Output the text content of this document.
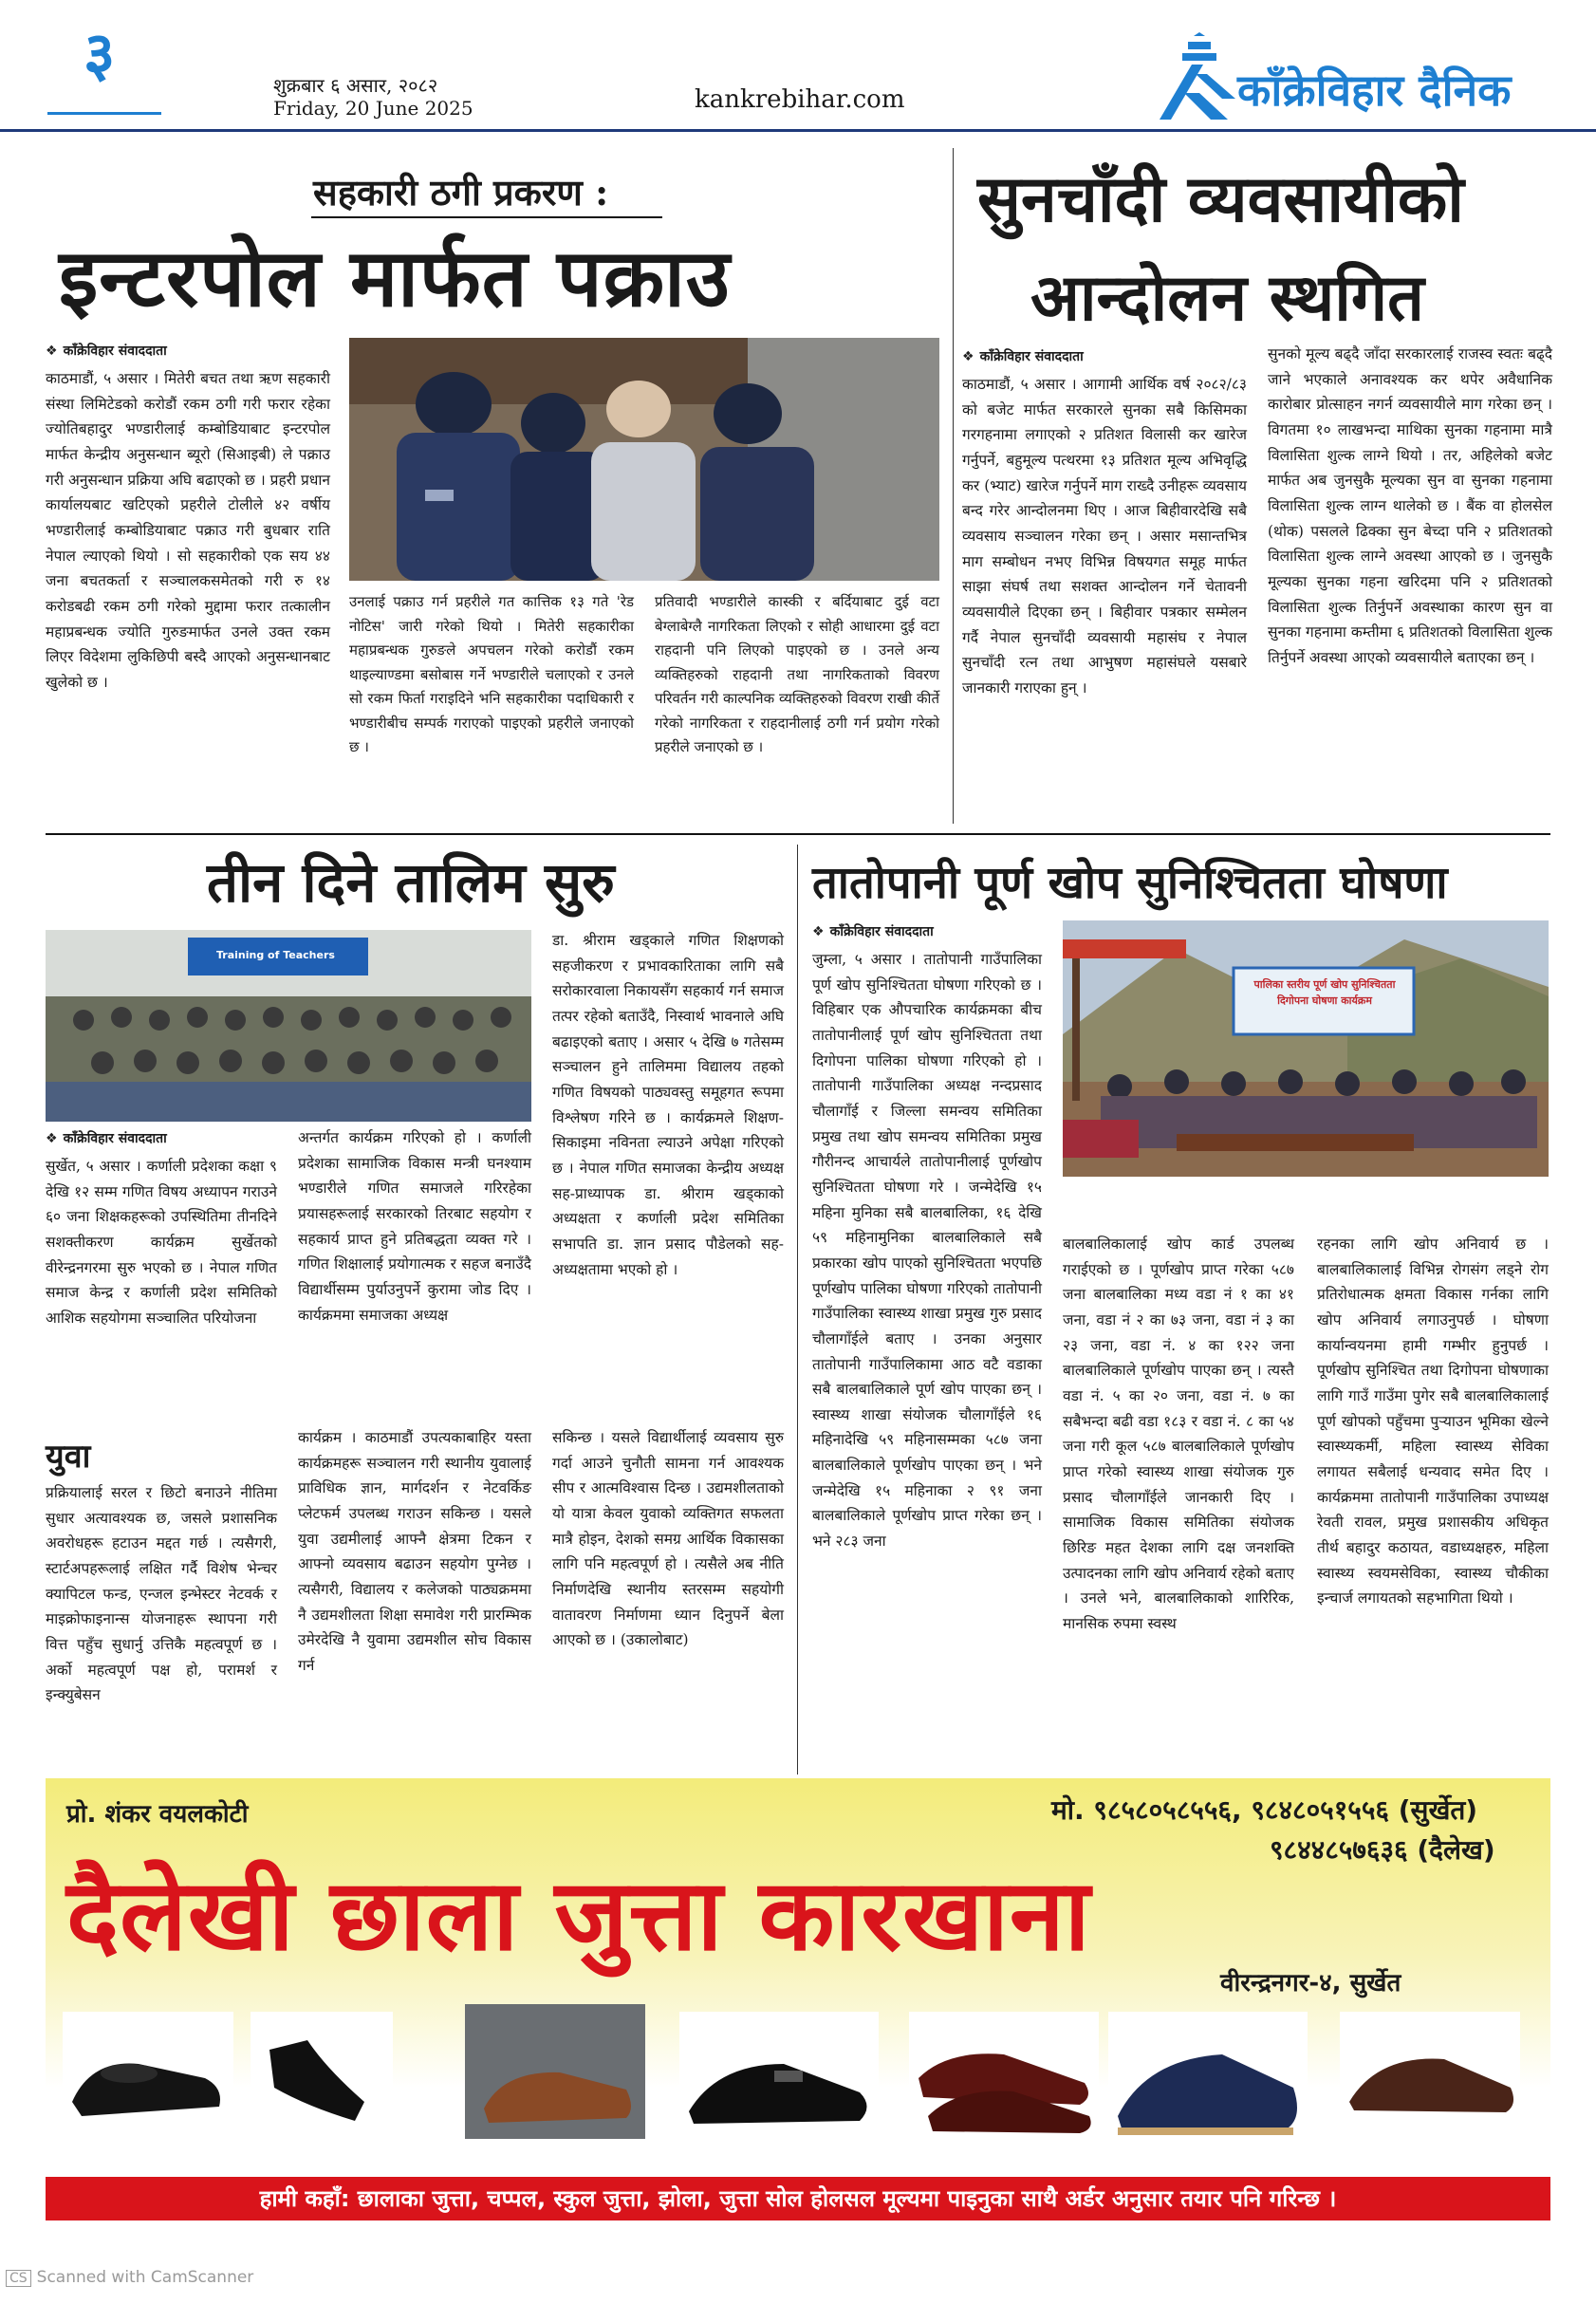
३	शुक्रबार ६ असार, २०८२
Friday, 20 June 2025	kankrebihar.com	काँक्रेविहार दैनिक
सहकारी ठगी प्रकरण :
इन्टरपोल मार्फत पक्राउ
❖ काँक्रेविहार संवाददाता
काठमाडौं, ५ असार । मितेरी बचत तथा ऋण सहकारी संस्था लिमिटेडको करोडौं रकम ठगी गरी फरार रहेका ज्योतिबहादुर भण्डारीलाई कम्बोडियाबाट इन्टरपोल मार्फत केन्द्रीय अनुसन्धान ब्यूरो (सिआइबी) ले पक्राउ गरी अनुसन्धान प्रक्रिया अघि बढाएको छ । प्रहरी प्रधान कार्यालयबाट खटिएको प्रहरीले टोलीले ४२ वर्षीय भण्डारीलाई कम्बोडियाबाट पक्राउ गरी बुधबार राति नेपाल ल्याएको थियो । सो सहकारीको एक सय ४४ जना बचतकर्ता र सञ्चालकसमेतको गरी रु १४ करोडबढी रकम ठगी गरेको मुद्दामा फरार तत्कालीन महाप्रबन्धक ज्योति गुरुङमार्फत उनले उक्त रकम लिएर विदेशमा लुकिछिपी बस्दै आएको अनुसन्धानबाट खुलेको छ ।
उनलाई पक्राउ गर्न प्रहरीले गत कात्तिक १३ गते 'रेड नोटिस' जारी गरेको थियो । मितेरी सहकारीका महाप्रबन्धक गुरुङले अपचलन गरेको करोडौं रकम थाइल्याण्डमा बसोबास गर्ने भण्डारीले चलाएको र उनले सो रकम फिर्ता गराइदिने भनि सहकारीका पदाधिकारी र भण्डारीबीच सम्पर्क गराएको पाइएको प्रहरीले जनाएको छ ।
प्रतिवादी भण्डारीले कास्की र बर्दियाबाट दुई वटा बेग्लाबेग्लै नागरिकता लिएको र सोही आधारमा दुई वटा राहदानी पनि लिएको पाइएको छ । उनले अन्य व्यक्तिहरुको राहदानी तथा नागरिकताको विवरण परिवर्तन गरी काल्पनिक व्यक्तिहरुको विवरण राखी कीर्ते गरेको नागरिकता र राहदानीलाई ठगी गर्न प्रयोग गरेको प्रहरीले जनाएको छ ।
सुनचाँदी व्यवसायीको
आन्दोलन स्थगित
❖ काँक्रेविहार संवाददाता
काठमाडौं, ५ असार । आगामी आर्थिक वर्ष २०८२/८३ को बजेट मार्फत सरकारले सुनका सबै किसिमका गरगहनामा लगाएको २ प्रतिशत विलासी कर खारेज गर्नुपर्ने, बहुमूल्य पत्थरमा १३ प्रतिशत मूल्य अभिवृद्धि कर (भ्याट) खारेज गर्नुपर्ने माग राख्दै उनीहरू व्यवसाय बन्द गरेर आन्दोलनमा थिए । आज बिहीवारदेखि सबै व्यवसाय सञ्चालन गरेका छन् । असार मसान्तभित्र माग सम्बोधन नभए विभिन्न विषयगत समूह मार्फत साझा संघर्ष तथा सशक्त आन्दोलन गर्ने चेतावनी व्यवसायीले दिएका छन् । बिहीवार पत्रकार सम्मेलन गर्दै नेपाल सुनचाँदी व्यवसायी महासंघ र नेपाल सुनचाँदी रत्न तथा आभुषण महासंघले यसबारे जानकारी गराएका हुन् ।
सुनको मूल्य बढ्दै जाँदा सरकारलाई राजस्व स्वतः बढ्दै जाने भएकाले अनावश्यक कर थपेर अवैधानिक कारोबार प्रोत्साहन नगर्न व्यवसायीले माग गरेका छन् । विगतमा १० लाखभन्दा माथिका सुनका गहनामा मात्रै विलासिता शुल्क लाग्ने थियो । तर, अहिलेको बजेट मार्फत अब जुनसुकै मूल्यका सुन वा सुनका गहनामा विलासिता शुल्क लाग्न थालेको छ । बैंक वा होलसेल (थोक) पसलले ढिक्का सुन बेच्दा पनि २ प्रतिशतको विलासिता शुल्क लाग्ने अवस्था आएको छ । जुनसुकै मूल्यका सुनका गहना खरिदमा पनि २ प्रतिशतको विलासिता शुल्क तिर्नुपर्ने अवस्थाका कारण सुन वा सुनका गहनामा कम्तीमा ६ प्रतिशतको विलासिता शुल्क तिर्नुपर्ने अवस्था आएको व्यवसायीले बताएका छन् ।
तीन दिने तालिम सुरु
Training of Teachers
❖ काँक्रेविहार संवाददाता
सुर्खेत, ५ असार । कर्णाली प्रदेशका कक्षा ९ देखि १२ सम्म गणित विषय अध्यापन गराउने ६० जना शिक्षकहरूको उपस्थितिमा तीनदिने सशक्तीकरण कार्यक्रम सुर्खेतको वीरेन्द्रनगरमा सुरु भएको छ । नेपाल गणित समाज केन्द्र र कर्णाली प्रदेश समितिको आशिक सहयोगमा सञ्चालित परियोजना
अन्तर्गत कार्यक्रम गरिएको हो । कर्णाली प्रदेशका सामाजिक विकास मन्त्री घनश्याम भण्डारीले गणित समाजले गरिरहेका प्रयासहरूलाई सरकारको तिरबाट सहयोग र सहकार्य प्राप्त हुने प्रतिबद्धता व्यक्त गरे । गणित शिक्षालाई प्रयोगात्मक र सहज बनाउँदै विद्यार्थीसम्म पुर्याउनुपर्ने कुरामा जोड दिए । कार्यक्रममा समाजका अध्यक्ष
डा. श्रीराम खड्काले गणित शिक्षणको सहजीकरण र प्रभावकारिताका लागि सबै सरोकारवाला निकायसँग सहकार्य गर्न समाज तत्पर रहेको बताउँदै, निस्वार्थ भावनाले अघि बढाइएको बताए । असार ५ देखि ७ गतेसम्म सञ्चालन हुने तालिममा विद्यालय तहको गणित विषयको पाठ्यवस्तु समूहगत रूपमा विश्लेषण गरिने छ । कार्यक्रमले शिक्षण-सिकाइमा नविनता ल्याउने अपेक्षा गरिएको छ । नेपाल गणित समाजका केन्द्रीय अध्यक्ष सह-प्राध्यापक डा. श्रीराम खड्काको अध्यक्षता र कर्णाली प्रदेश समितिका सभापति डा. ज्ञान प्रसाद पौडेलको सह-अध्यक्षतामा भएको हो ।
युवा
प्रक्रियालाई सरल र छिटो बनाउने नीतिमा सुधार अत्यावश्यक छ, जसले प्रशासनिक अवरोधहरू हटाउन मद्दत गर्छ । त्यसैगरी, स्टार्टअपहरूलाई लक्षित गर्दै विशेष भेन्चर क्यापिटल फन्ड, एन्जल इन्भेस्टर नेटवर्क र माइक्रोफाइनान्स योजनाहरू स्थापना गरी वित्त पहुँच सुधार्नु उत्तिकै महत्वपूर्ण छ । अर्को महत्वपूर्ण पक्ष हो, परामर्श र इन्क्युबेसन
कार्यक्रम । काठमाडौं उपत्यकाबाहिर यस्ता कार्यक्रमहरू सञ्चालन गरी स्थानीय युवालाई प्राविधिक ज्ञान, मार्गदर्शन र नेटवर्किङ प्लेटफर्म उपलब्ध गराउन सकिन्छ । यसले युवा उद्यमीलाई आफ्नै क्षेत्रमा टिकन र आफ्नो व्यवसाय बढाउन सहयोग पुग्नेछ । त्यसैगरी, विद्यालय र कलेजको पाठ्यक्रममा नै उद्यमशीलता शिक्षा समावेश गरी प्रारम्भिक उमेरदेखि नै युवामा उद्यमशील सोच विकास गर्न
सकिन्छ । यसले विद्यार्थीलाई व्यवसाय सुरु गर्दा आउने चुनौती सामना गर्न आवश्यक सीप र आत्मविश्वास दिन्छ । उद्यमशीलताको यो यात्रा केवल युवाको व्यक्तिगत सफलता मात्रै होइन, देशको समग्र आर्थिक विकासका लागि पनि महत्वपूर्ण हो । त्यसैले अब नीति निर्माणदेखि स्थानीय स्तरसम्म सहयोगी वातावरण निर्माणमा ध्यान दिनुपर्ने बेला आएको छ । (उकालोबाट)
तातोपानी पूर्ण खोप सुनिश्चितता घोषणा
❖ काँक्रेविहार संवाददाता
जुम्ला, ५ असार । तातोपानी गाउँपालिका पूर्ण खोप सुनिश्चितता घोषणा गरिएको छ । विहिबार एक औपचारिक कार्यक्रमका बीच तातोपानीलाई पूर्ण खोप सुनिश्चितता तथा दिगोपना पालिका घोषणा गरिएको हो । तातोपानी गाउँपालिका अध्यक्ष नन्दप्रसाद चौलागाँई र जिल्ला समन्वय समितिका प्रमुख तथा खोप समन्वय समितिका प्रमुख गौरीनन्द आचार्यले तातोपानीलाई पूर्णखोप सुनिश्चितता घोषणा गरे । जन्मेदेखि १५ महिना मुनिका सबै बालबालिका, १६ देखि ५९ महिनामुनिका बालबालिकाले सबै प्रकारका खोप पाएको सुनिश्चितता भएपछि पूर्णखोप पालिका घोषणा गरिएको तातोपानी गाउँपालिका स्वास्थ्य शाखा प्रमुख गुरु प्रसाद चौलागाँईले बताए । उनका अनुसार तातोपानी गाउँपालिकामा आठ वटै वडाका सबै बालबालिकाले पूर्ण खोप पाएका छन् । स्वास्थ्य शाखा संयोजक चौलागाँईले १६ महिनादेखि ५९ महिनासम्मका ५८७ जना बालबालिकाले पूर्णखोप पाएका छन् । भने जन्मेदेखि १५ महिनाका २ ९१ जना बालबालिकाले पूर्णखोप प्राप्त गरेका छन् । भने २८३ जना
पालिका स्तरीय पूर्ण खोप सुनिश्चितता दिगोपना घोषणा कार्यक्रम
बालबालिकालाई खोप कार्ड उपलब्ध गराईएको छ । पूर्णखोप प्राप्त गरेका ५८७ जना बालबालिका मध्य वडा नं १ का ४१ जना, वडा नं २ का ७३ जना, वडा नं ३ का २३ जना, वडा नं. ४ का १२२ जना बालबालिकाले पूर्णखोप पाएका छन् । त्यस्तै वडा नं. ५ का २० जना, वडा नं. ७ का सबैभन्दा बढी वडा १८३ र वडा नं. ८ का ५४ जना गरी कूल ५८७ बालबालिकाले पूर्णखोप प्राप्त गरेको स्वास्थ्य शाखा संयोजक गुरु प्रसाद चौलागाँईले जानकारी दिए । सामाजिक विकास समितिका संयोजक छिरिङ महत देशका लागि दक्ष जनशक्ति उत्पादनका लागि खोप अनिवार्य रहेको बताए । उनले भने, बालबालिकाको शारिरिक, मानसिक रुपमा स्वस्थ
रहनका लागि खोप अनिवार्य छ । बालबालिकालाई विभिन्न रोगसंग लड्ने रोग प्रतिरोधात्मक क्षमता विकास गर्नका लागि खोप अनिवार्य लगाउनुपर्छ । घोषणा कार्यान्वयनमा हामी गम्भीर हुनुपर्छ । पूर्णखोप सुनिश्चित तथा दिगोपना घोषणाका लागि गाउँ गाउँमा पुगेर सबै बालबालिकालाई पूर्ण खोपको पहुँचमा पुऱ्याउन भूमिका खेल्ने स्वास्थ्यकर्मी, महिला स्वास्थ्य सेविका लगायत सबैलाई धन्यवाद समेत दिए । कार्यक्रममा तातोपानी गाउँपालिका उपाध्यक्ष रेवती रावल, प्रमुख प्रशासकीय अधिकृत तीर्थ बहादुर कठायत, वडाध्यक्षहरु, महिला स्वास्थ्य स्वयमसेविका, स्वास्थ्य चौकीका इन्चार्ज लगायतको सहभागिता थियो ।
प्रो. शंकर वयलकोटी	मो. ९८५८०५८५५६, ९८४८०५१५५६ (सुर्खेत)
९८४४८५७६३६ (दैलेख)
दैलेखी छाला जुत्ता कारखाना
वीरन्द्रनगर-४, सुर्खेत
हामी कहाँ: छालाका जुत्ता, चप्पल, स्कुल जुत्ता, झोला, जुत्ता सोल होलसल मूल्यमा पाइनुका साथै अर्डर अनुसार तयार पनि गरिन्छ ।
CS Scanned with CamScanner
